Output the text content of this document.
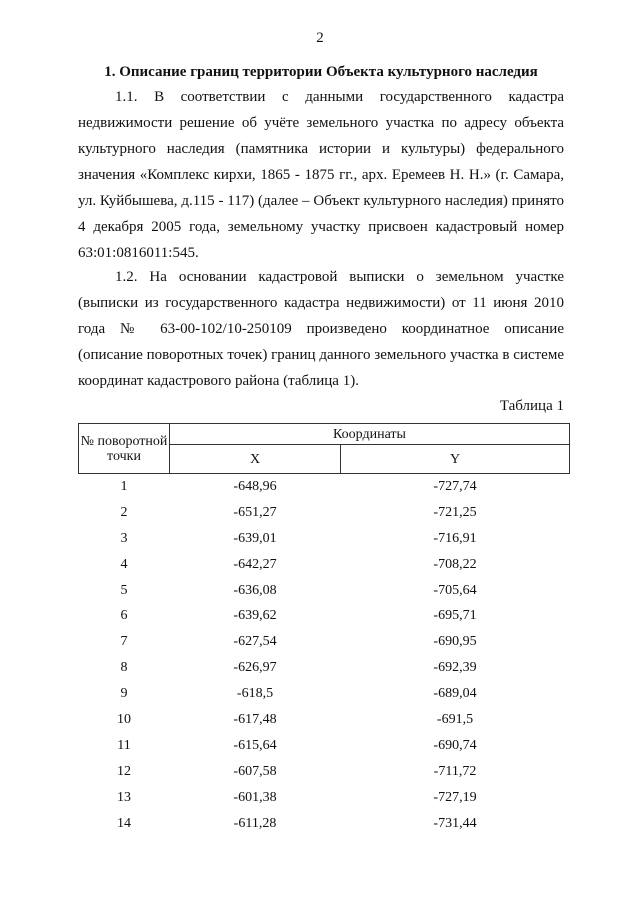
2
1. Описание границ территории Объекта культурного наследия

1.1. В соответствии с данными государственного кадастра недвижимости решение об учёте земельного участка по адресу объекта культурного наследия (памятника истории и культуры) федерального значения «Комплекс кирхи, 1865 - 1875 гг., арх. Еремеев Н. Н.» (г. Самара, ул. Куйбышева, д.115 - 117) (далее – Объект культурного наследия) принято 4 декабря 2005 года, земельному участку присвоен кадастровый номер 63:01:0816011:545.

1.2. На основании кадастровой выписки о земельном участке (выписки из государственного кадастра недвижимости) от 11 июня 2010 года № 63-00-102/10-250109 произведено координатное описание (описание поворотных точек) границ данного земельного участка в системе координат кадастрового района (таблица 1).

Таблица 1
№ поворотной точки	Координаты	
	X	Y
1	-648,96	-727,74
2	-651,27	-721,25
3	-639,01	-716,91
4	-642,27	-708,22
5	-636,08	-705,64
6	-639,62	-695,71
7	-627,54	-690,95
8	-626,97	-692,39
9	-618,5	-689,04
10	-617,48	-691,5
11	-615,64	-690,74
12	-607,58	-711,72
13	-601,38	-727,19
14	-611,28	-731,44
